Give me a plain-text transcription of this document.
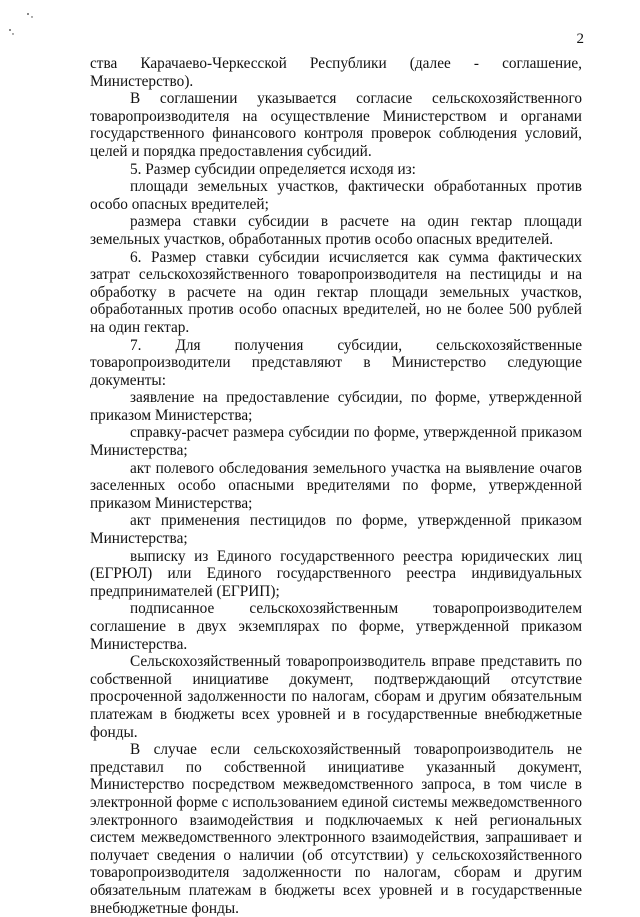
2

ства Карачаево-Черкесской Республики (далее - соглашение, Министерство).

В соглашении указывается согласие сельскохозяйственного товаропроизводителя на осуществление Министерством и органами государственного финансового контроля проверок соблюдения условий, целей и порядка предоставления субсидий.

5. Размер субсидии определяется исходя из:

площади земельных участков, фактически обработанных против особо опасных вредителей;

размера ставки субсидии в расчете на один гектар площади земельных участков, обработанных против особо опасных вредителей.

6. Размер ставки субсидии исчисляется как сумма фактических затрат сельскохозяйственного товаропроизводителя на пестициды и на обработку в расчете на один гектар площади земельных участков, обработанных против особо опасных вредителей, но не более 500 рублей на один гектар.

7. Для получения субсидии, сельскохозяйственные товаропроизводители представляют в Министерство следующие документы:

заявление на предоставление субсидии, по форме, утвержденной приказом Министерства;

справку-расчет размера субсидии по форме, утвержденной приказом Министерства;

акт полевого обследования земельного участка на выявление очагов заселенных особо опасными вредителями по форме, утвержденной приказом Министерства;

акт применения пестицидов по форме, утвержденной приказом Министерства;

выписку из Единого государственного реестра юридических лиц (ЕГРЮЛ) или Единого государственного реестра индивидуальных предпринимателей (ЕГРИП);

подписанное сельскохозяйственным товаропроизводителем соглашение в двух экземплярах по форме, утвержденной приказом Министерства.

Сельскохозяйственный товаропроизводитель вправе представить по собственной инициативе документ, подтверждающий отсутствие просроченной задолженности по налогам, сборам и другим обязательным платежам в бюджеты всех уровней и в государственные внебюджетные фонды.

В случае если сельскохозяйственный товаропроизводитель не представил по собственной инициативе указанный документ, Министерство посредством межведомственного запроса, в том числе в электронной форме с использованием единой системы межведомственного электронного взаимодействия и подключаемых к ней региональных систем межведомственного электронного взаимодействия, запрашивает и получает сведения о наличии (об отсутствии) у сельскохозяйственного товаропроизводителя задолженности по налогам, сборам и другим обязательным платежам в бюджеты всех уровней и в государственные внебюджетные фонды.
